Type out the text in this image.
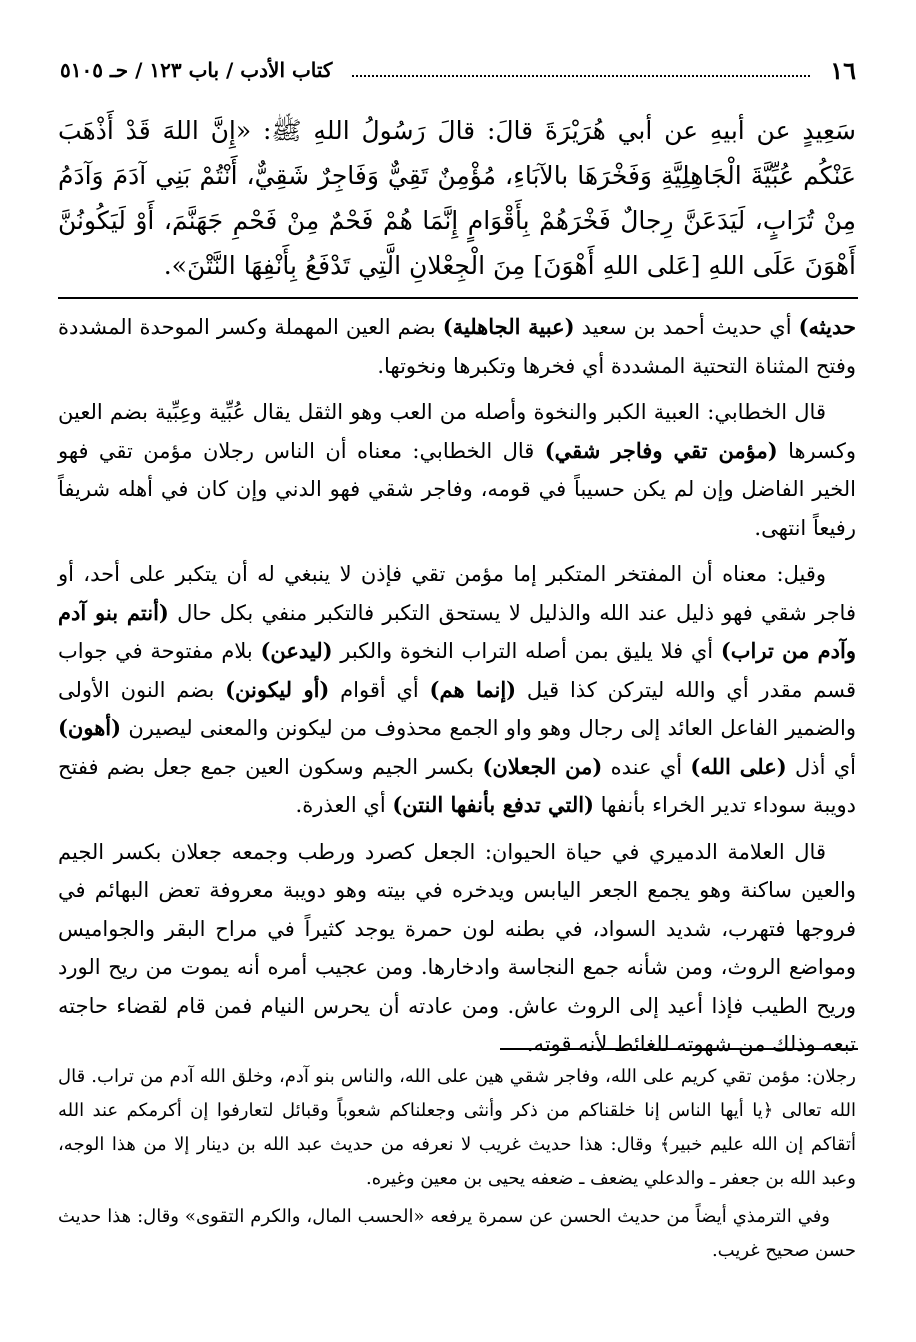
١٦
كتاب الأدب / باب ١٢٣ / حـ ٥١٠٥
سَعِيدٍ عن أبيهِ عن أبي هُرَيْرَةَ قالَ: قالَ رَسُولُ اللهِ ﷺ: «إِنَّ اللهَ قَدْ أَذْهَبَ عَنْكُم عُبِّيَّةَ الْجَاهِلِيَّةِ وَفَخْرَهَا بالآبَاءِ، مُؤْمِنٌ تَقِيٌّ وَفَاجِرٌ شَقِيٌّ، أَنْتُمْ بَنِي آدَمَ وَآدَمُ مِنْ تُرَابٍ، لَيَدَعَنَّ رِجالٌ فَخْرَهُمْ بِأَقْوَامٍ إِنَّمَا هُمْ فَحْمٌ مِنْ فَحْمِ جَهَنَّمَ، أَوْ لَيَكُونُنَّ أَهْوَنَ عَلَى اللهِ [عَلى اللهِ أَهْوَنَ] مِنَ الْجِعْلانِ الَّتِي تَدْفَعُ بِأَنْفِهَا النَّتْنَ».

حديثه) أي حديث أحمد بن سعيد (عبية الجاهلية) بضم العين المهملة وكسر الموحدة المشددة وفتح المثناة التحتية المشددة أي فخرها وتكبرها ونخوتها.

قال الخطابي: العبية الكبر والنخوة وأصله من العب وهو الثقل يقال عُبِّية وعِبِّية بضم العين وكسرها (مؤمن تقي وفاجر شقي) قال الخطابي: معناه أن الناس رجلان مؤمن تقي فهو الخير الفاضل وإن لم يكن حسيباً في قومه، وفاجر شقي فهو الدني وإن كان في أهله شريفاً رفيعاً انتهى.

وقيل: معناه أن المفتخر المتكبر إما مؤمن تقي فإذن لا ينبغي له أن يتكبر على أحد، أو فاجر شقي فهو ذليل عند الله والذليل لا يستحق التكبر فالتكبر منفي بكل حال (أنتم بنو آدم وآدم من تراب) أي فلا يليق بمن أصله التراب النخوة والكبر (ليدعن) بلام مفتوحة في جواب قسم مقدر أي والله ليتركن كذا قيل (إنما هم) أي أقوام (أو ليكونن) بضم النون الأولى والضمير الفاعل العائد إلى رجال وهو واو الجمع محذوف من ليكونن والمعنى ليصيرن (أهون) أي أذل (على الله) أي عنده (من الجعلان) بكسر الجيم وسكون العين جمع جعل بضم ففتح دويبة سوداء تدير الخراء بأنفها (التي تدفع بأنفها النتن) أي العذرة.

قال العلامة الدميري في حياة الحيوان: الجعل كصرد ورطب وجمعه جعلان بكسر الجيم والعين ساكنة وهو يجمع الجعر اليابس ويدخره في بيته وهو دويبة معروفة تعض البهائم في فروجها فتهرب، شديد السواد، في بطنه لون حمرة يوجد كثيراً في مراح البقر والجواميس ومواضع الروث، ومن شأنه جمع النجاسة وادخارها. ومن عجيب أمره أنه يموت من ريح الورد وريح الطيب فإذا أعيد إلى الروث عاش. ومن عادته أن يحرس النيام فمن قام لقضاء حاجته تبعه وذلك من شهوته للغائط لأنه قوته.

رجلان: مؤمن تقي كريم على الله، وفاجر شقي هين على الله، والناس بنو آدم، وخلق الله آدم من تراب. قال الله تعالى ﴿يا أيها الناس إنا خلقناكم من ذكر وأنثى وجعلناكم شعوباً وقبائل لتعارفوا إن أكرمكم عند الله أتقاكم إن الله عليم خبير﴾ وقال: هذا حديث غريب لا نعرفه من حديث عبد الله بن دينار إلا من هذا الوجه، وعبد الله بن جعفر ـ والدعلي يضعف ـ ضعفه يحيى بن معين وغيره.

وفي الترمذي أيضاً من حديث الحسن عن سمرة يرفعه «الحسب المال، والكرم التقوى» وقال: هذا حديث حسن صحيح غريب.
